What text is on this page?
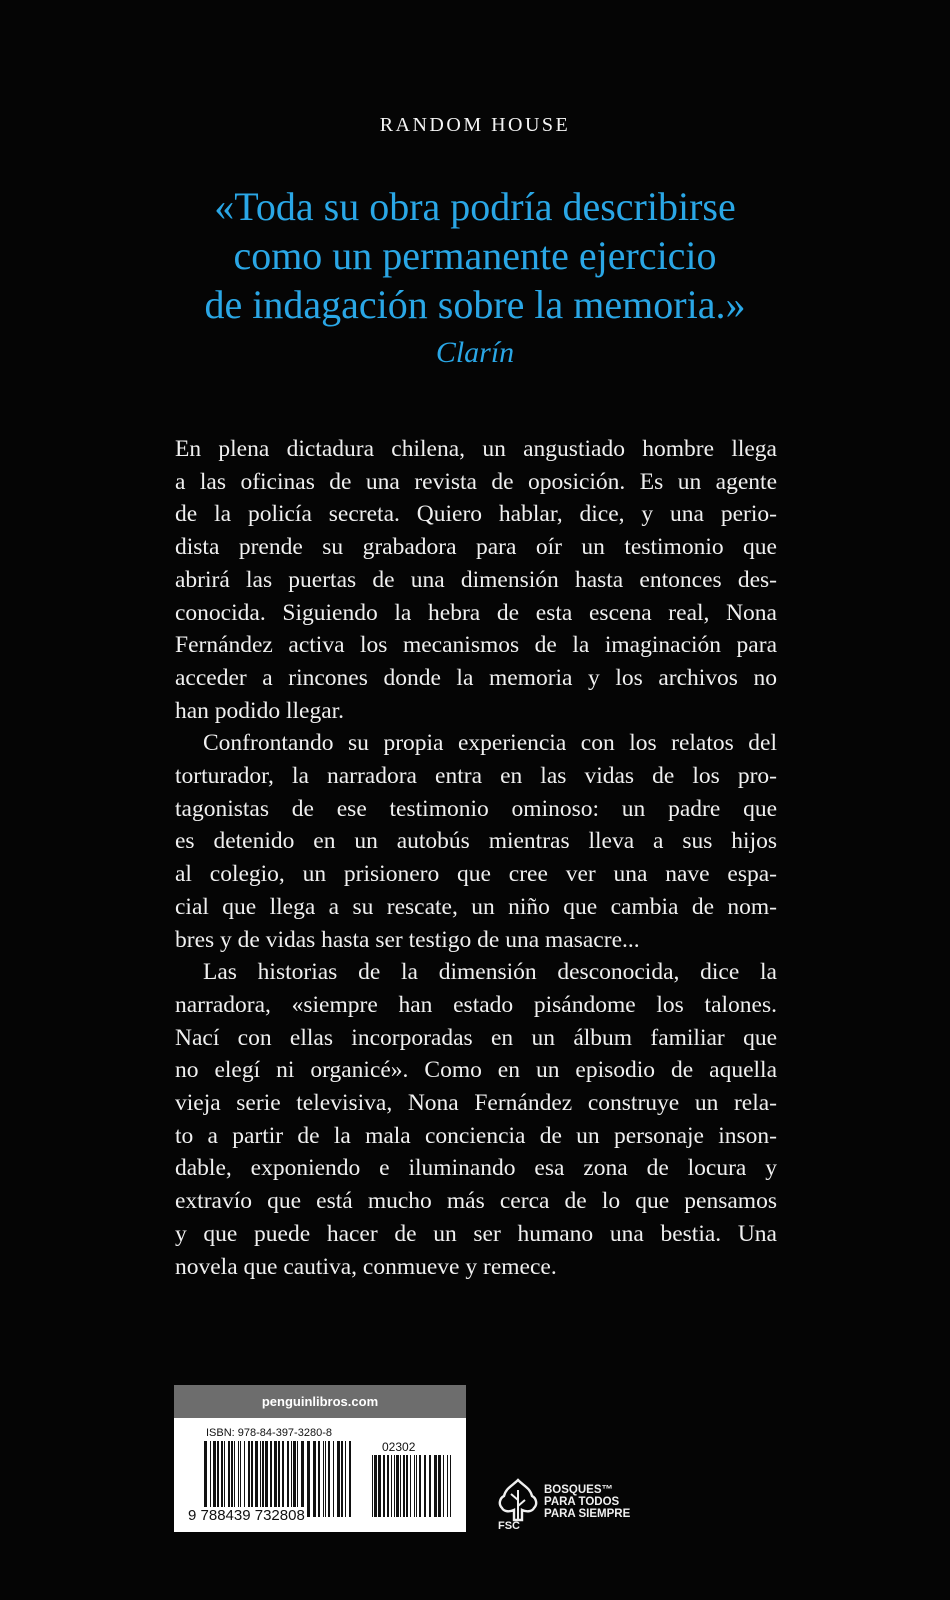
RANDOM HOUSE
«Toda su obra podría describirse
como un permanente ejercicio
de indagación sobre la memoria.»
Clarín
En plena dictadura chilena, un angustiado hombre llega
a las oficinas de una revista de oposición. Es un agente
de la policía secreta. Quiero hablar, dice, y una perio-
dista prende su grabadora para oír un testimonio que
abrirá las puertas de una dimensión hasta entonces des-
conocida. Siguiendo la hebra de esta escena real, Nona
Fernández activa los mecanismos de la imaginación para
acceder a rincones donde la memoria y los archivos no
han podido llegar.
Confrontando su propia experiencia con los relatos del
torturador, la narradora entra en las vidas de los pro-
tagonistas de ese testimonio ominoso: un padre que
es detenido en un autobús mientras lleva a sus hijos
al colegio, un prisionero que cree ver una nave espa-
cial que llega a su rescate, un niño que cambia de nom-
bres y de vidas hasta ser testigo de una masacre...
Las historias de la dimensión desconocida, dice la
narradora, «siempre han estado pisándome los talones.
Nací con ellas incorporadas en un álbum familiar que
no elegí ni organicé». Como en un episodio de aquella
vieja serie televisiva, Nona Fernández construye un rela-
to a partir de la mala conciencia de un personaje inson-
dable, exponiendo e iluminando esa zona de locura y
extravío que está mucho más cerca de lo que pensamos
y que puede hacer de un ser humano una bestia. Una
novela que cautiva, conmueve y remece.
penguinlibros.com
ISBN: 978-84-397-3280-8
02302
9 788439 732808
FSC
BOSQUES™
PARA TODOS
PARA SIEMPRE
